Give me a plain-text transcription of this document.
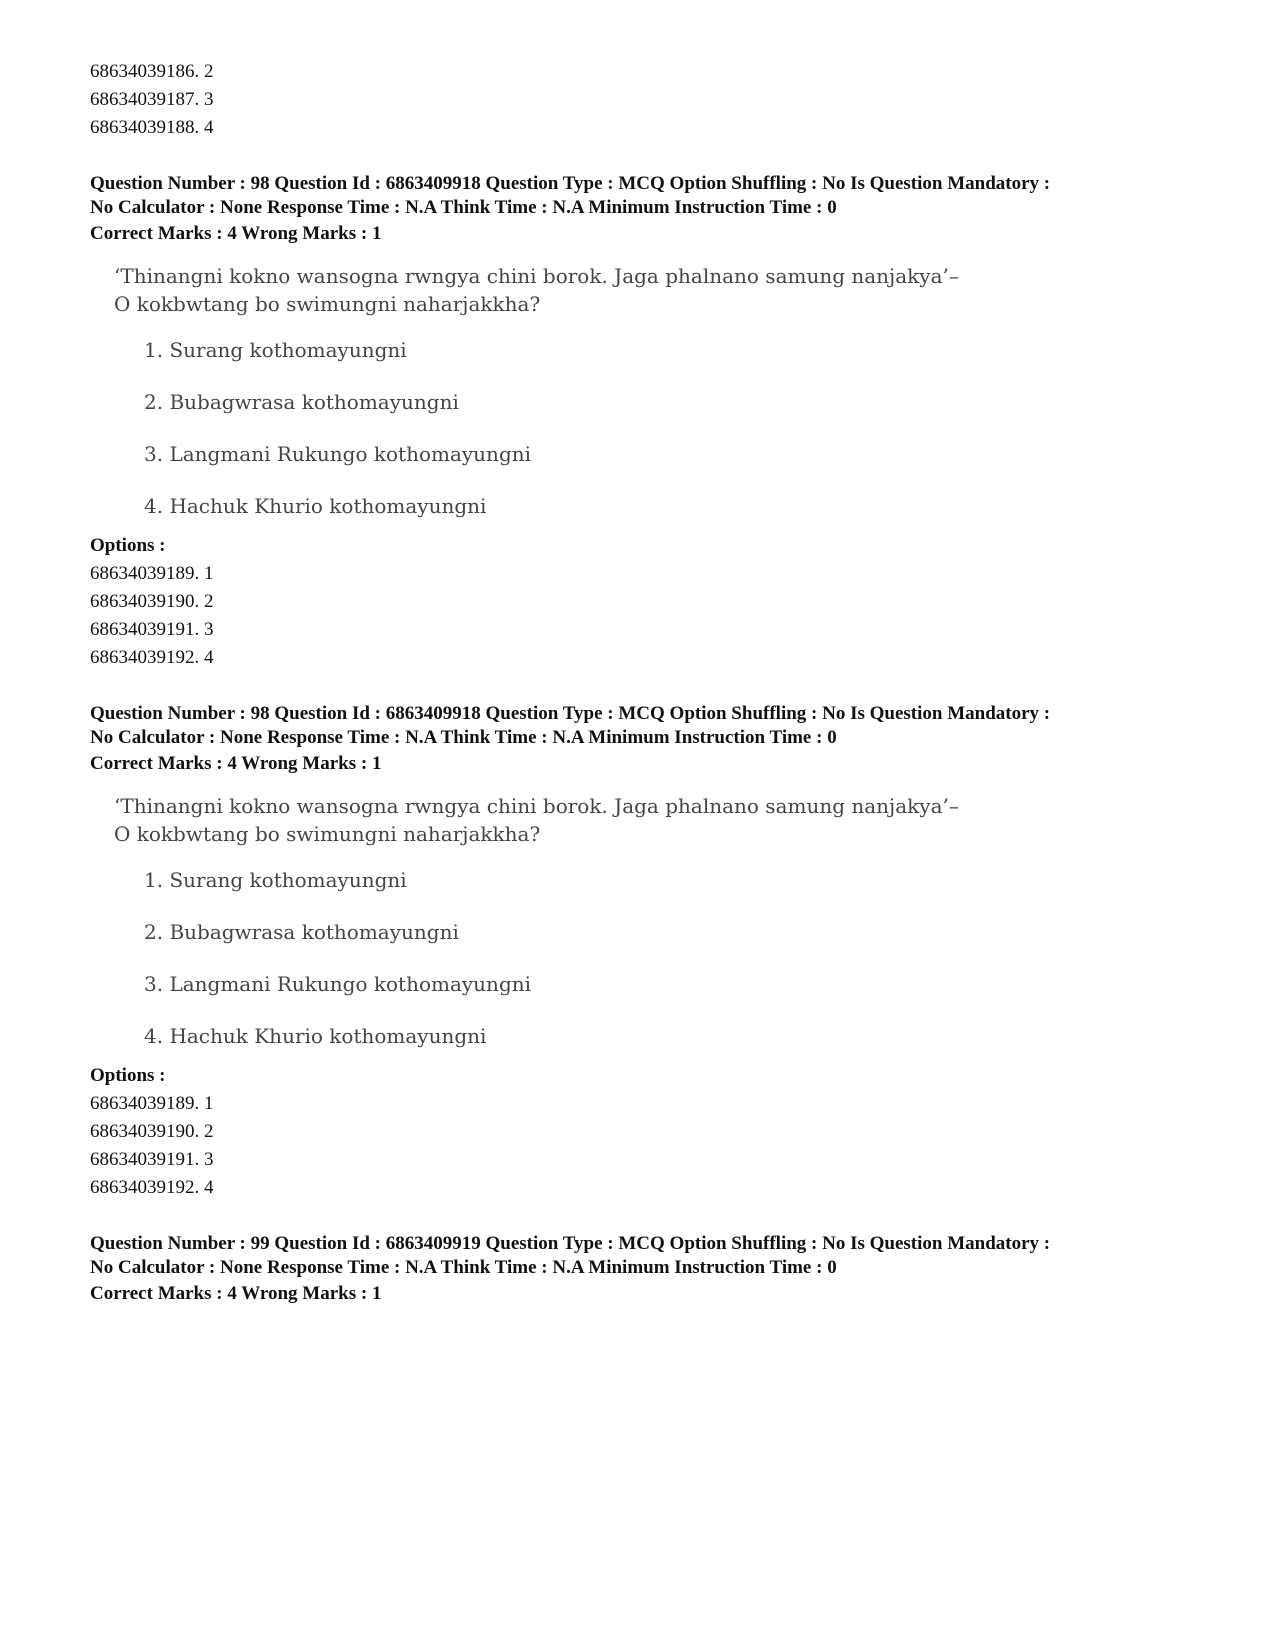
68634039186. 2

68634039187. 3

68634039188. 4

Question Number : 98 Question Id : 6863409918 Question Type : MCQ Option Shuffling : No Is Question Mandatory :

No Calculator : None Response Time : N.A Think Time : N.A Minimum Instruction Time : 0

Correct Marks : 4 Wrong Marks : 1

‘Thinangni kokno wansogna rwngya chini borok. Jaga phalnano samung nanjakya’–
O kokbwtang bo swimungni naharjakkha?

1. Surang kothomayungni
2. Bubagwrasa kothomayungni
3. Langmani Rukungo kothomayungni
4. Hachuk Khurio kothomayungni

Options :

68634039189. 1

68634039190. 2

68634039191. 3

68634039192. 4

Question Number : 98 Question Id : 6863409918 Question Type : MCQ Option Shuffling : No Is Question Mandatory :

No Calculator : None Response Time : N.A Think Time : N.A Minimum Instruction Time : 0

Correct Marks : 4 Wrong Marks : 1

‘Thinangni kokno wansogna rwngya chini borok. Jaga phalnano samung nanjakya’–
O kokbwtang bo swimungni naharjakkha?

1. Surang kothomayungni
2. Bubagwrasa kothomayungni
3. Langmani Rukungo kothomayungni
4. Hachuk Khurio kothomayungni

Options :

68634039189. 1

68634039190. 2

68634039191. 3

68634039192. 4

Question Number : 99 Question Id : 6863409919 Question Type : MCQ Option Shuffling : No Is Question Mandatory :

No Calculator : None Response Time : N.A Think Time : N.A Minimum Instruction Time : 0

Correct Marks : 4 Wrong Marks : 1
